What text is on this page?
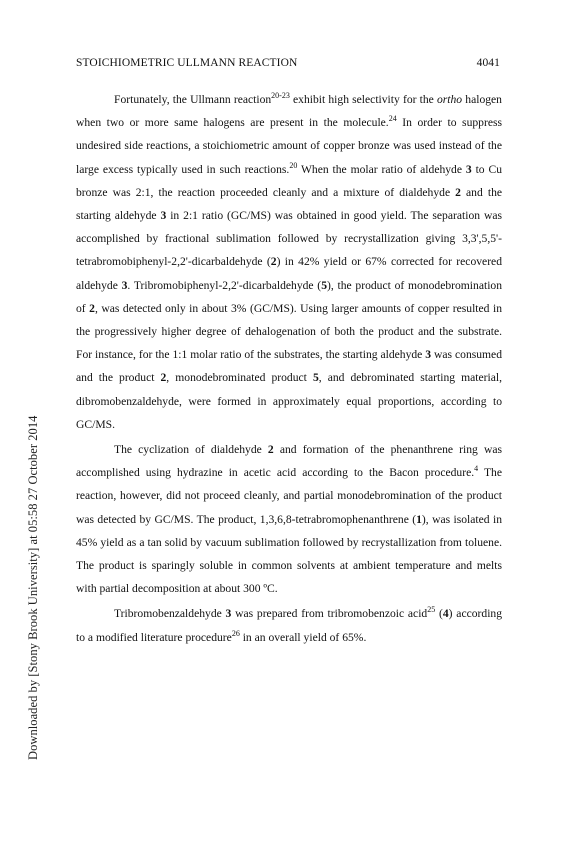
Downloaded by [Stony Brook University] at 05:58 27 October 2014
STOICHIOMETRIC ULLMANN REACTION	4041

Fortunately, the Ullmann reaction$^{20-23}$ exhibit high selectivity for the ortho halogen when two or more same halogens are present in the molecule.$^{24}$ In order to suppress undesired side reactions, a stoichiometric amount of copper bronze was used instead of the large excess typically used in such reactions.$^{20}$ When the molar ratio of aldehyde 3 to Cu bronze was 2:1, the reaction proceeded cleanly and a mixture of dialdehyde 2 and the starting aldehyde 3 in 2:1 ratio (GC/MS) was obtained in good yield. The separation was accomplished by fractional sublimation followed by recrystallization giving 3,3',5,5'-tetrabromobiphenyl-2,2'-dicarbaldehyde (2) in 42% yield or 67% corrected for recovered aldehyde 3. Tribromobiphenyl-2,2'-dicarbaldehyde (5), the product of monodebromination of 2, was detected only in about 3% (GC/MS). Using larger amounts of copper resulted in the progressively higher degree of dehalogenation of both the product and the substrate. For instance, for the 1:1 molar ratio of the substrates, the starting aldehyde 3 was consumed and the product 2, monodebrominated product 5, and debrominated starting material, dibromobenzaldehyde, were formed in approximately equal proportions, according to GC/MS.

The cyclization of dialdehyde 2 and formation of the phenanthrene ring was accomplished using hydrazine in acetic acid according to the Bacon procedure.$^4$ The reaction, however, did not proceed cleanly, and partial monodebromination of the product was detected by GC/MS. The product, 1,3,6,8-tetrabromophenanthrene (1), was isolated in 45% yield as a tan solid by vacuum sublimation followed by recrystallization from toluene. The product is sparingly soluble in common solvents at ambient temperature and melts with partial decomposition at about 300 ºC.

Tribromobenzaldehyde 3 was prepared from tribromobenzoic acid$^{25}$ (4) according to a modified literature procedure$^{26}$ in an overall yield of 65%.
